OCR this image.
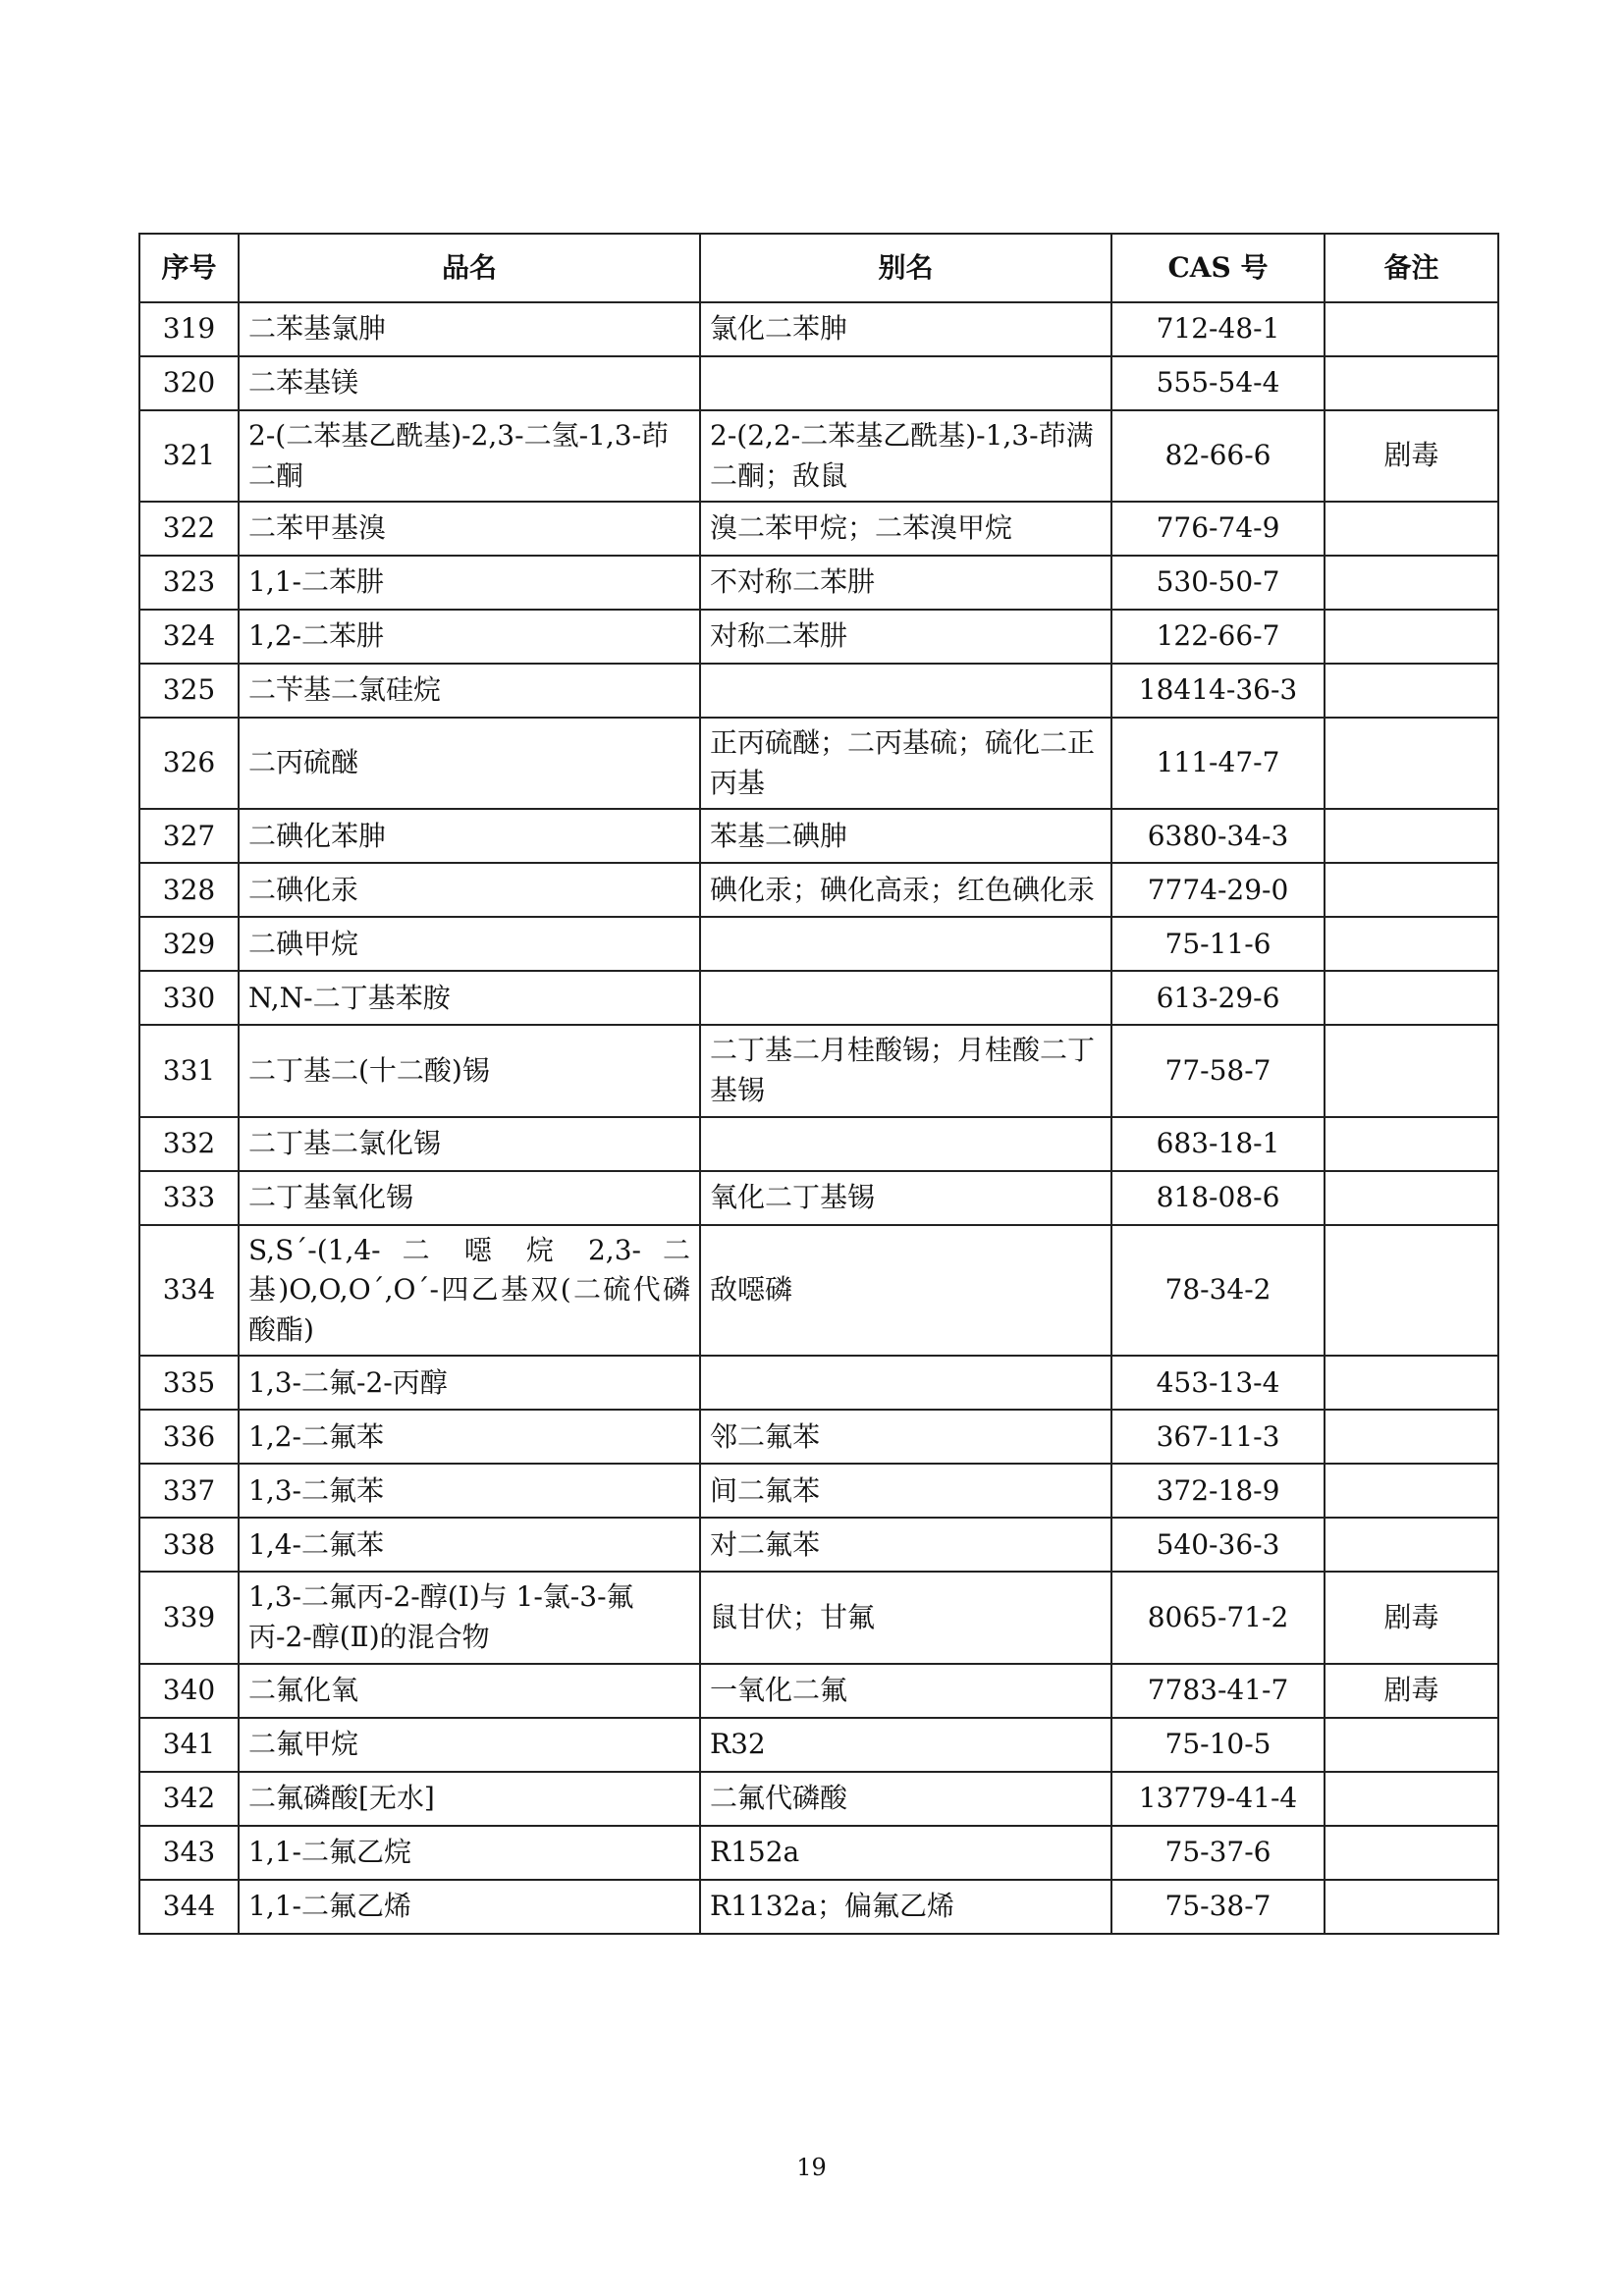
序号	品名	别名	CAS 号	备注
319	二苯基氯胂	氯化二苯胂	712-48-1	
320	二苯基镁		555-54-4	
321	2-(二苯基乙酰基)-2,3-二氢-1,3-茚二酮	2-(2,2-二苯基乙酰基)-1,3-茚满二酮；敌鼠	82-66-6	剧毒
322	二苯甲基溴	溴二苯甲烷；二苯溴甲烷	776-74-9	
323	1,1-二苯肼	不对称二苯肼	530-50-7	
324	1,2-二苯肼	对称二苯肼	122-66-7	
325	二苄基二氯硅烷		18414-36-3	
326	二丙硫醚	正丙硫醚；二丙基硫；硫化二正丙基	111-47-7	
327	二碘化苯胂	苯基二碘胂	6380-34-3	
328	二碘化汞	碘化汞；碘化高汞；红色碘化汞	7774-29-0	
329	二碘甲烷		75-11-6	
330	N,N-二丁基苯胺		613-29-6	
331	二丁基二(十二酸)锡	二丁基二月桂酸锡；月桂酸二丁基锡	77-58-7	
332	二丁基二氯化锡		683-18-1	
333	二丁基氧化锡	氧化二丁基锡	818-08-6	
334	S,S´-(1,4- 二 噁 烷 2,3- 二基)O,O,O´,O´-四乙基双(二硫代磷酸酯)	敌噁磷	78-34-2	
335	1,3-二氟-2-丙醇		453-13-4	
336	1,2-二氟苯	邻二氟苯	367-11-3	
337	1,3-二氟苯	间二氟苯	372-18-9	
338	1,4-二氟苯	对二氟苯	540-36-3	
339	1,3-二氟丙-2-醇(Ⅰ)与 1-氯-3-氟丙-2-醇(Ⅱ)的混合物	鼠甘伏；甘氟	8065-71-2	剧毒
340	二氟化氧	一氧化二氟	7783-41-7	剧毒
341	二氟甲烷	R32	75-10-5	
342	二氟磷酸[无水]	二氟代磷酸	13779-41-4	
343	1,1-二氟乙烷	R152a	75-37-6	
344	1,1-二氟乙烯	R1132a；偏氟乙烯	75-38-7	
19
